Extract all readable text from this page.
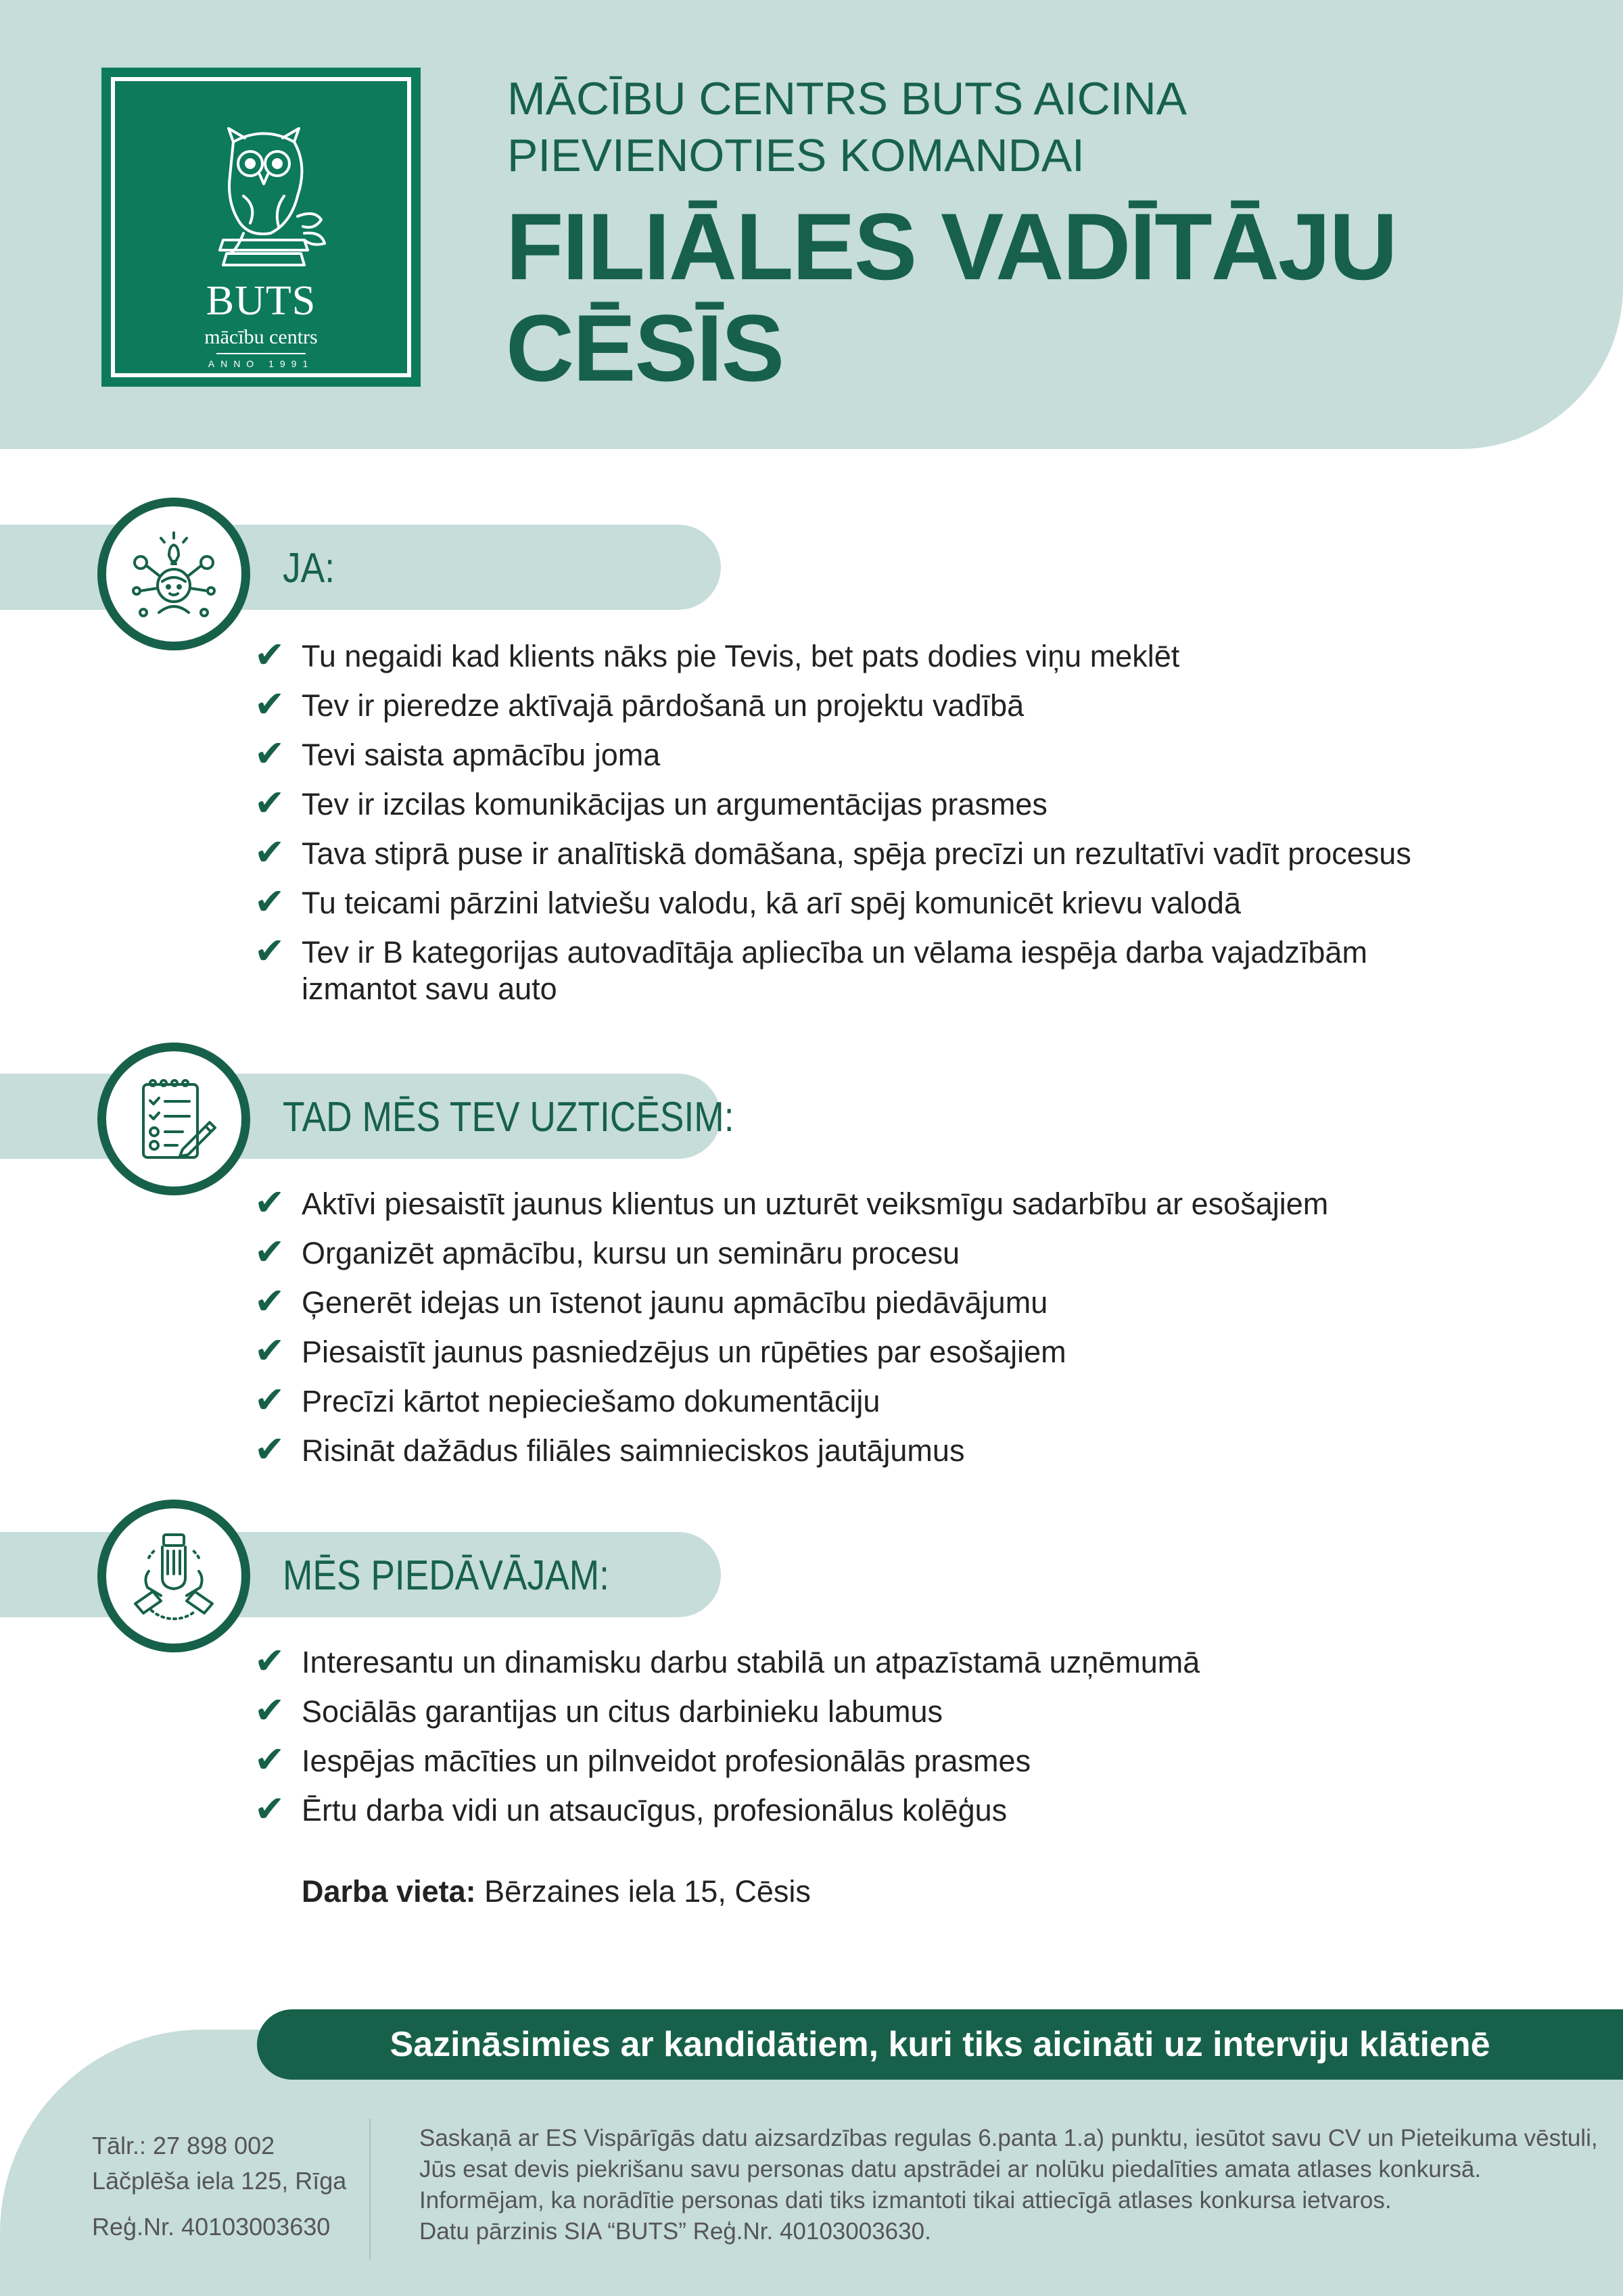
BUTS
mācību centrs
ANNO 1991
MĀCĪBU CENTRS BUTS AICINA
PIEVIENOTIES KOMANDAI
FILIĀLES VADĪTĀJU
CĒSĪS
JA:
✔ Tu negaidi kad klients nāks pie Tevis, bet pats dodies viņu meklēt
✔ Tev ir pieredze aktīvajā pārdošanā un projektu vadībā
✔ Tevi saista apmācību joma
✔ Tev ir izcilas komunikācijas un argumentācijas prasmes
✔ Tava stiprā puse ir analītiskā domāšana, spēja precīzi un rezultatīvi vadīt procesus
✔ Tu teicami pārzini latviešu valodu, kā arī spēj komunicēt krievu valodā
✔ Tev ir B kategorijas autovadītāja apliecība un vēlama iespēja darba vajadzībām izmantot savu auto
TAD MĒS TEV UZTICĒSIM:
✔ Aktīvi piesaistīt jaunus klientus un uzturēt veiksmīgu sadarbību ar esošajiem
✔ Organizēt apmācību, kursu un semināru procesu
✔ Ģenerēt idejas un īstenot jaunu apmācību piedāvājumu
✔ Piesaistīt jaunus pasniedzējus un rūpēties par esošajiem
✔ Precīzi kārtot nepieciešamo dokumentāciju
✔ Risināt dažādus filiāles saimnieciskos jautājumus
MĒS PIEDĀVĀJAM:
✔ Interesantu un dinamisku darbu stabilā un atpazīstamā uzņēmumā
✔ Sociālās garantijas un citus darbinieku labumus
✔ Iespējas mācīties un pilnveidot profesionālās prasmes
✔ Ērtu darba vidi un atsaucīgus, profesionālus kolēģus
Darba vieta: Bērzaines iela 15, Cēsis
Sazināsimies ar kandidātiem, kuri tiks aicināti uz interviju klātienē
Tālr.: 27 898 002
Lāčplēša iela 125, Rīga
Reģ.Nr. 40103003630
Saskaņā ar ES Vispārīgās datu aizsardzības regulas 6.panta 1.a) punktu, iesūtot savu CV un Pieteikuma vēstuli,
Jūs esat devis piekrišanu savu personas datu apstrādei ar nolūku piedalīties amata atlases konkursā.
Informējam, ka norādītie personas dati tiks izmantoti tikai attiecīgā atlases konkursa ietvaros.
Datu pārzinis SIA “BUTS” Reģ.Nr. 40103003630.
